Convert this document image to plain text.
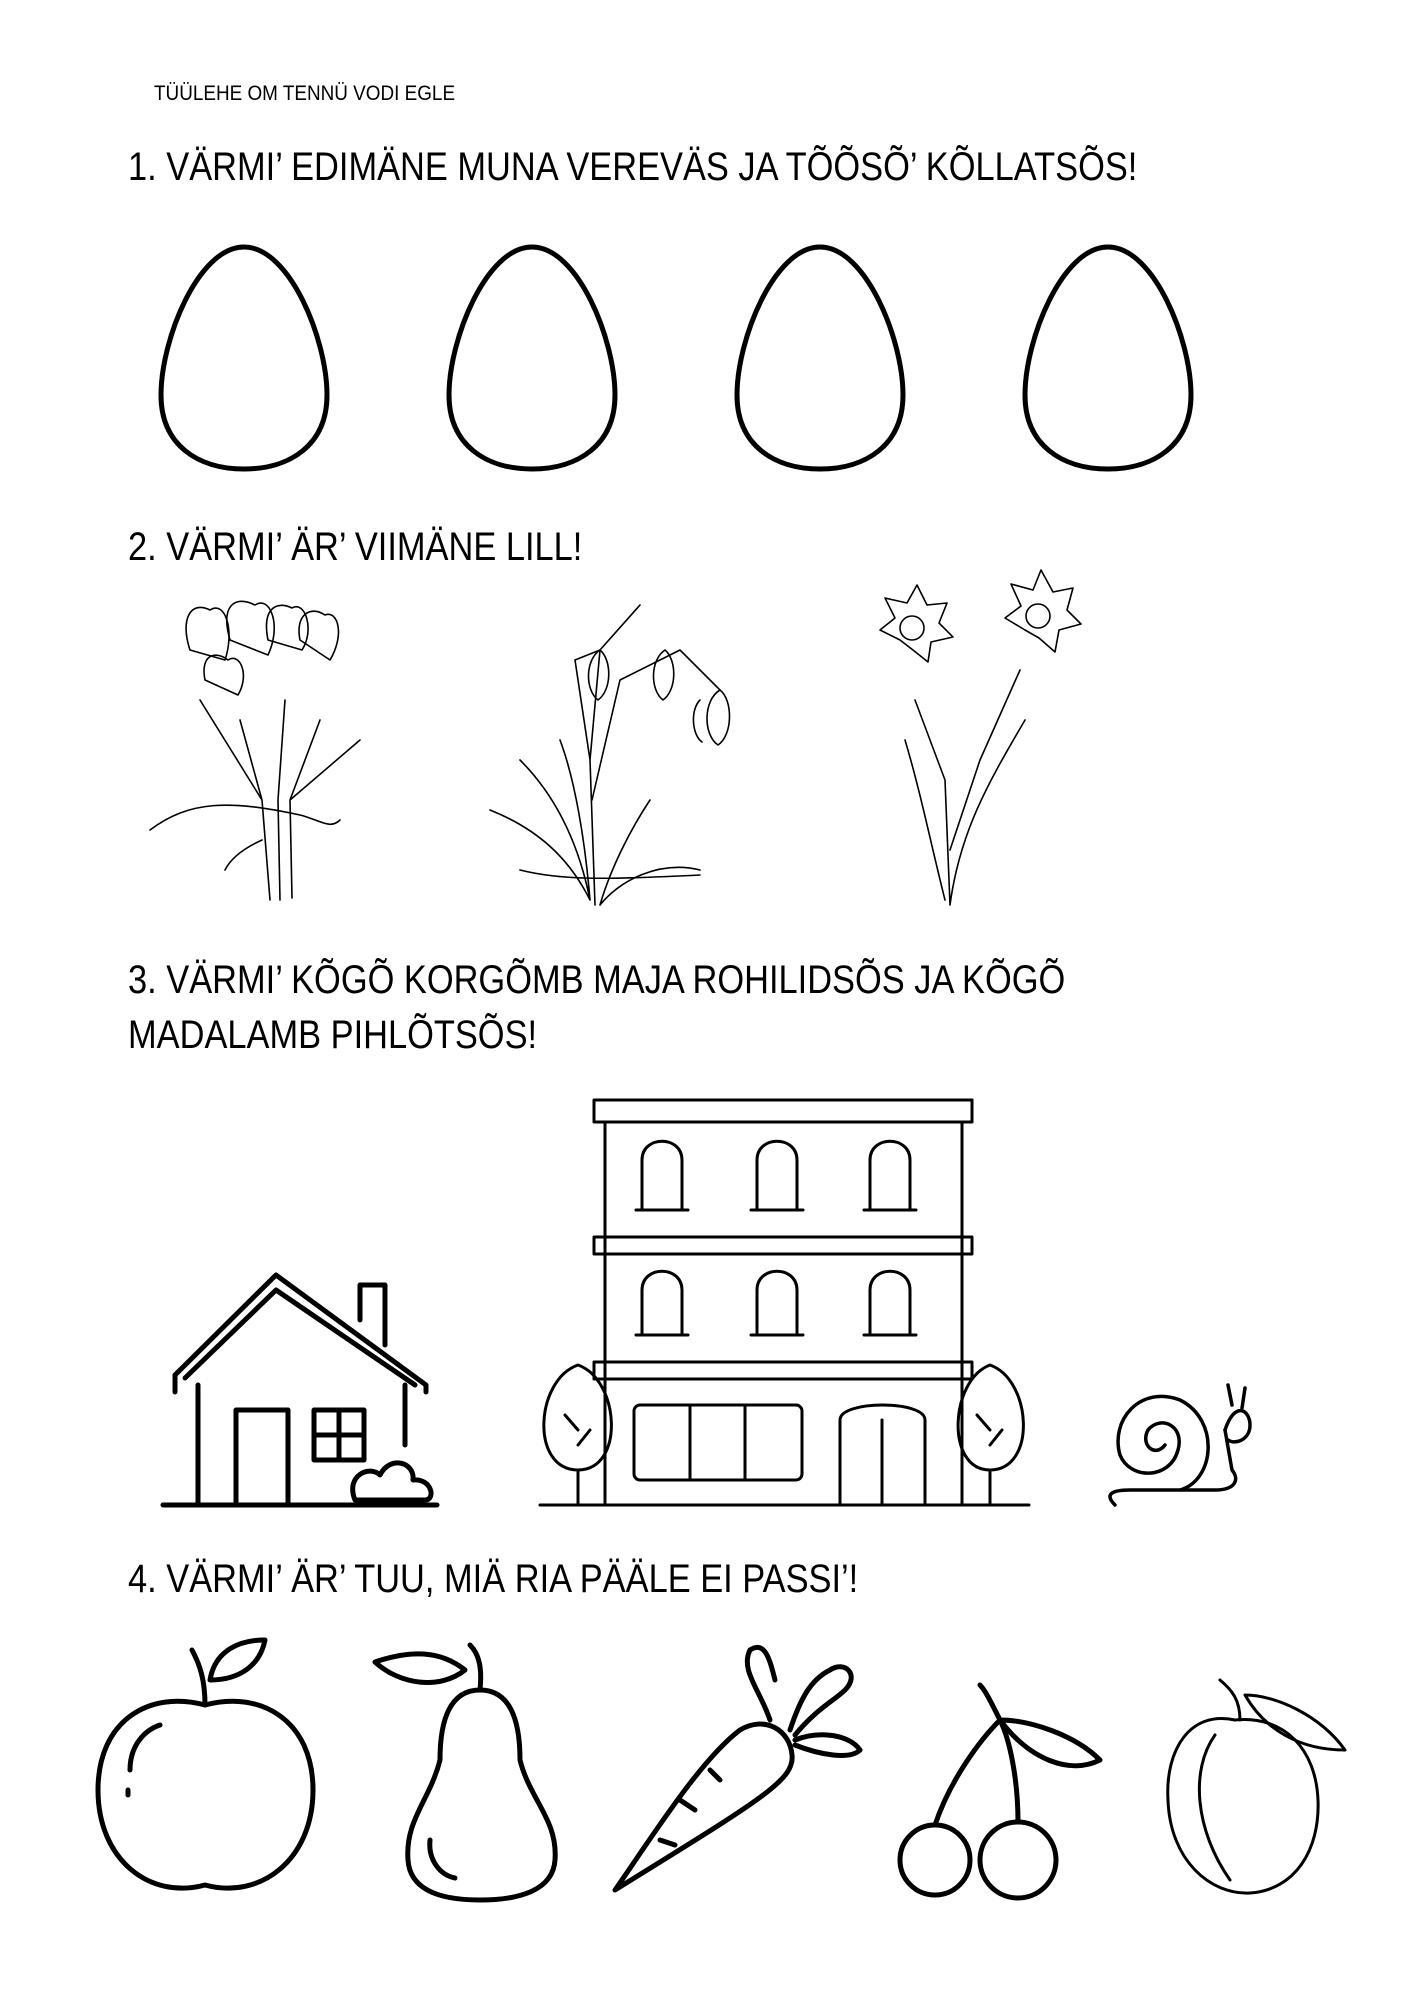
TÜÜLEHE OM TENNÜ VODI EGLE
1. VÄRMI’ EDIMÄNE MUNA VEREVÄS JA TÕÕSÕ’ KÕLLATSÕS!
2. VÄRMI’ ÄR’ VIIMÄNE LILL!
3. VÄRMI’ KÕGÕ KORGÕMB MAJA ROHILIDSÕS JA KÕGÕ
MADALAMB PIHLÕTSÕS!
4. VÄRMI’ ÄR’ TUU, MIÄ RIA PÄÄLE EI PASSI’!
